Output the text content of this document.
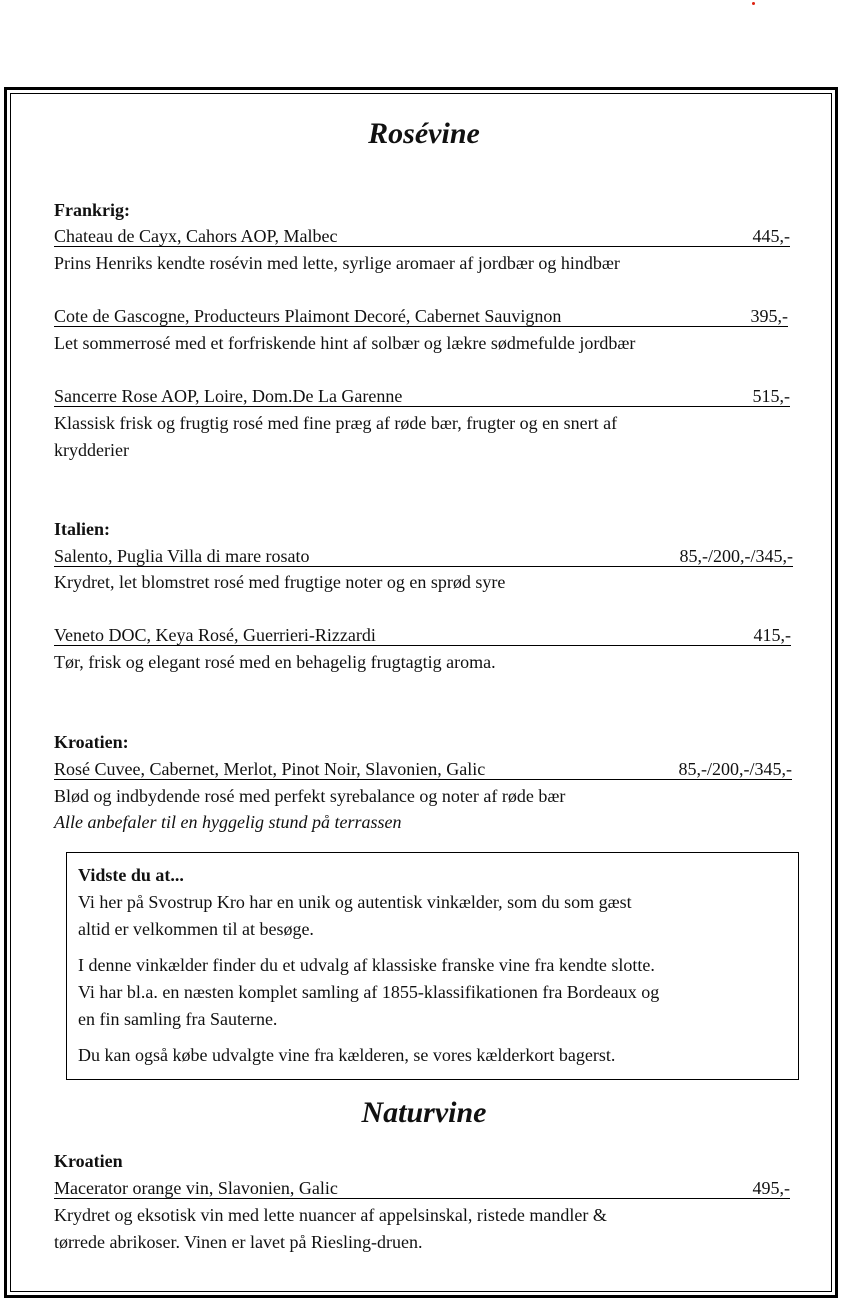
Rosévine
Frankrig:
Chateau de Cayx, Cahors AOP, Malbec	445,-
Prins Henriks kendte rosévin med lette, syrlige aromaer af jordbær og hindbær
Cote de Gascogne, Producteurs Plaimont Decoré, Cabernet Sauvignon	395,-
Let sommerrosé med et forfriskende hint af solbær og lækre sødmefulde jordbær
Sancerre Rose AOP, Loire, Dom.De La Garenne	515,-
Klassisk frisk og frugtig rosé med fine præg af røde bær, frugter og en snert af
krydderier
Italien:
Salento, Puglia Villa di mare rosato	85,-/200,-/345,-
Krydret, let blomstret rosé med frugtige noter og en sprød syre
Veneto DOC, Keya Rosé, Guerrieri-Rizzardi	415,-
Tør, frisk og elegant rosé med en behagelig frugtagtig aroma.
Kroatien:
Rosé Cuvee, Cabernet, Merlot, Pinot Noir, Slavonien, Galic	85,-/200,-/345,-
Blød og indbydende rosé med perfekt syrebalance og noter af røde bær
Alle anbefaler til en hyggelig stund på terrassen

Vidste du at...

Vi her på Svostrup Kro har en unik og autentisk vinkælder, som du som gæst
altid er velkommen til at besøge.

I denne vinkælder finder du et udvalg af klassiske franske vine fra kendte slotte.
Vi har bl.a. en næsten komplet samling af 1855-klassifikationen fra Bordeaux og
en fin samling fra Sauterne.

Du kan også købe udvalgte vine fra kælderen, se vores kælderkort bagerst.

Naturvine
Kroatien
Macerator orange vin, Slavonien, Galic	495,-
Krydret og eksotisk vin med lette nuancer af appelsinskal, ristede mandler &
tørrede abrikoser. Vinen er lavet på Riesling-druen.
